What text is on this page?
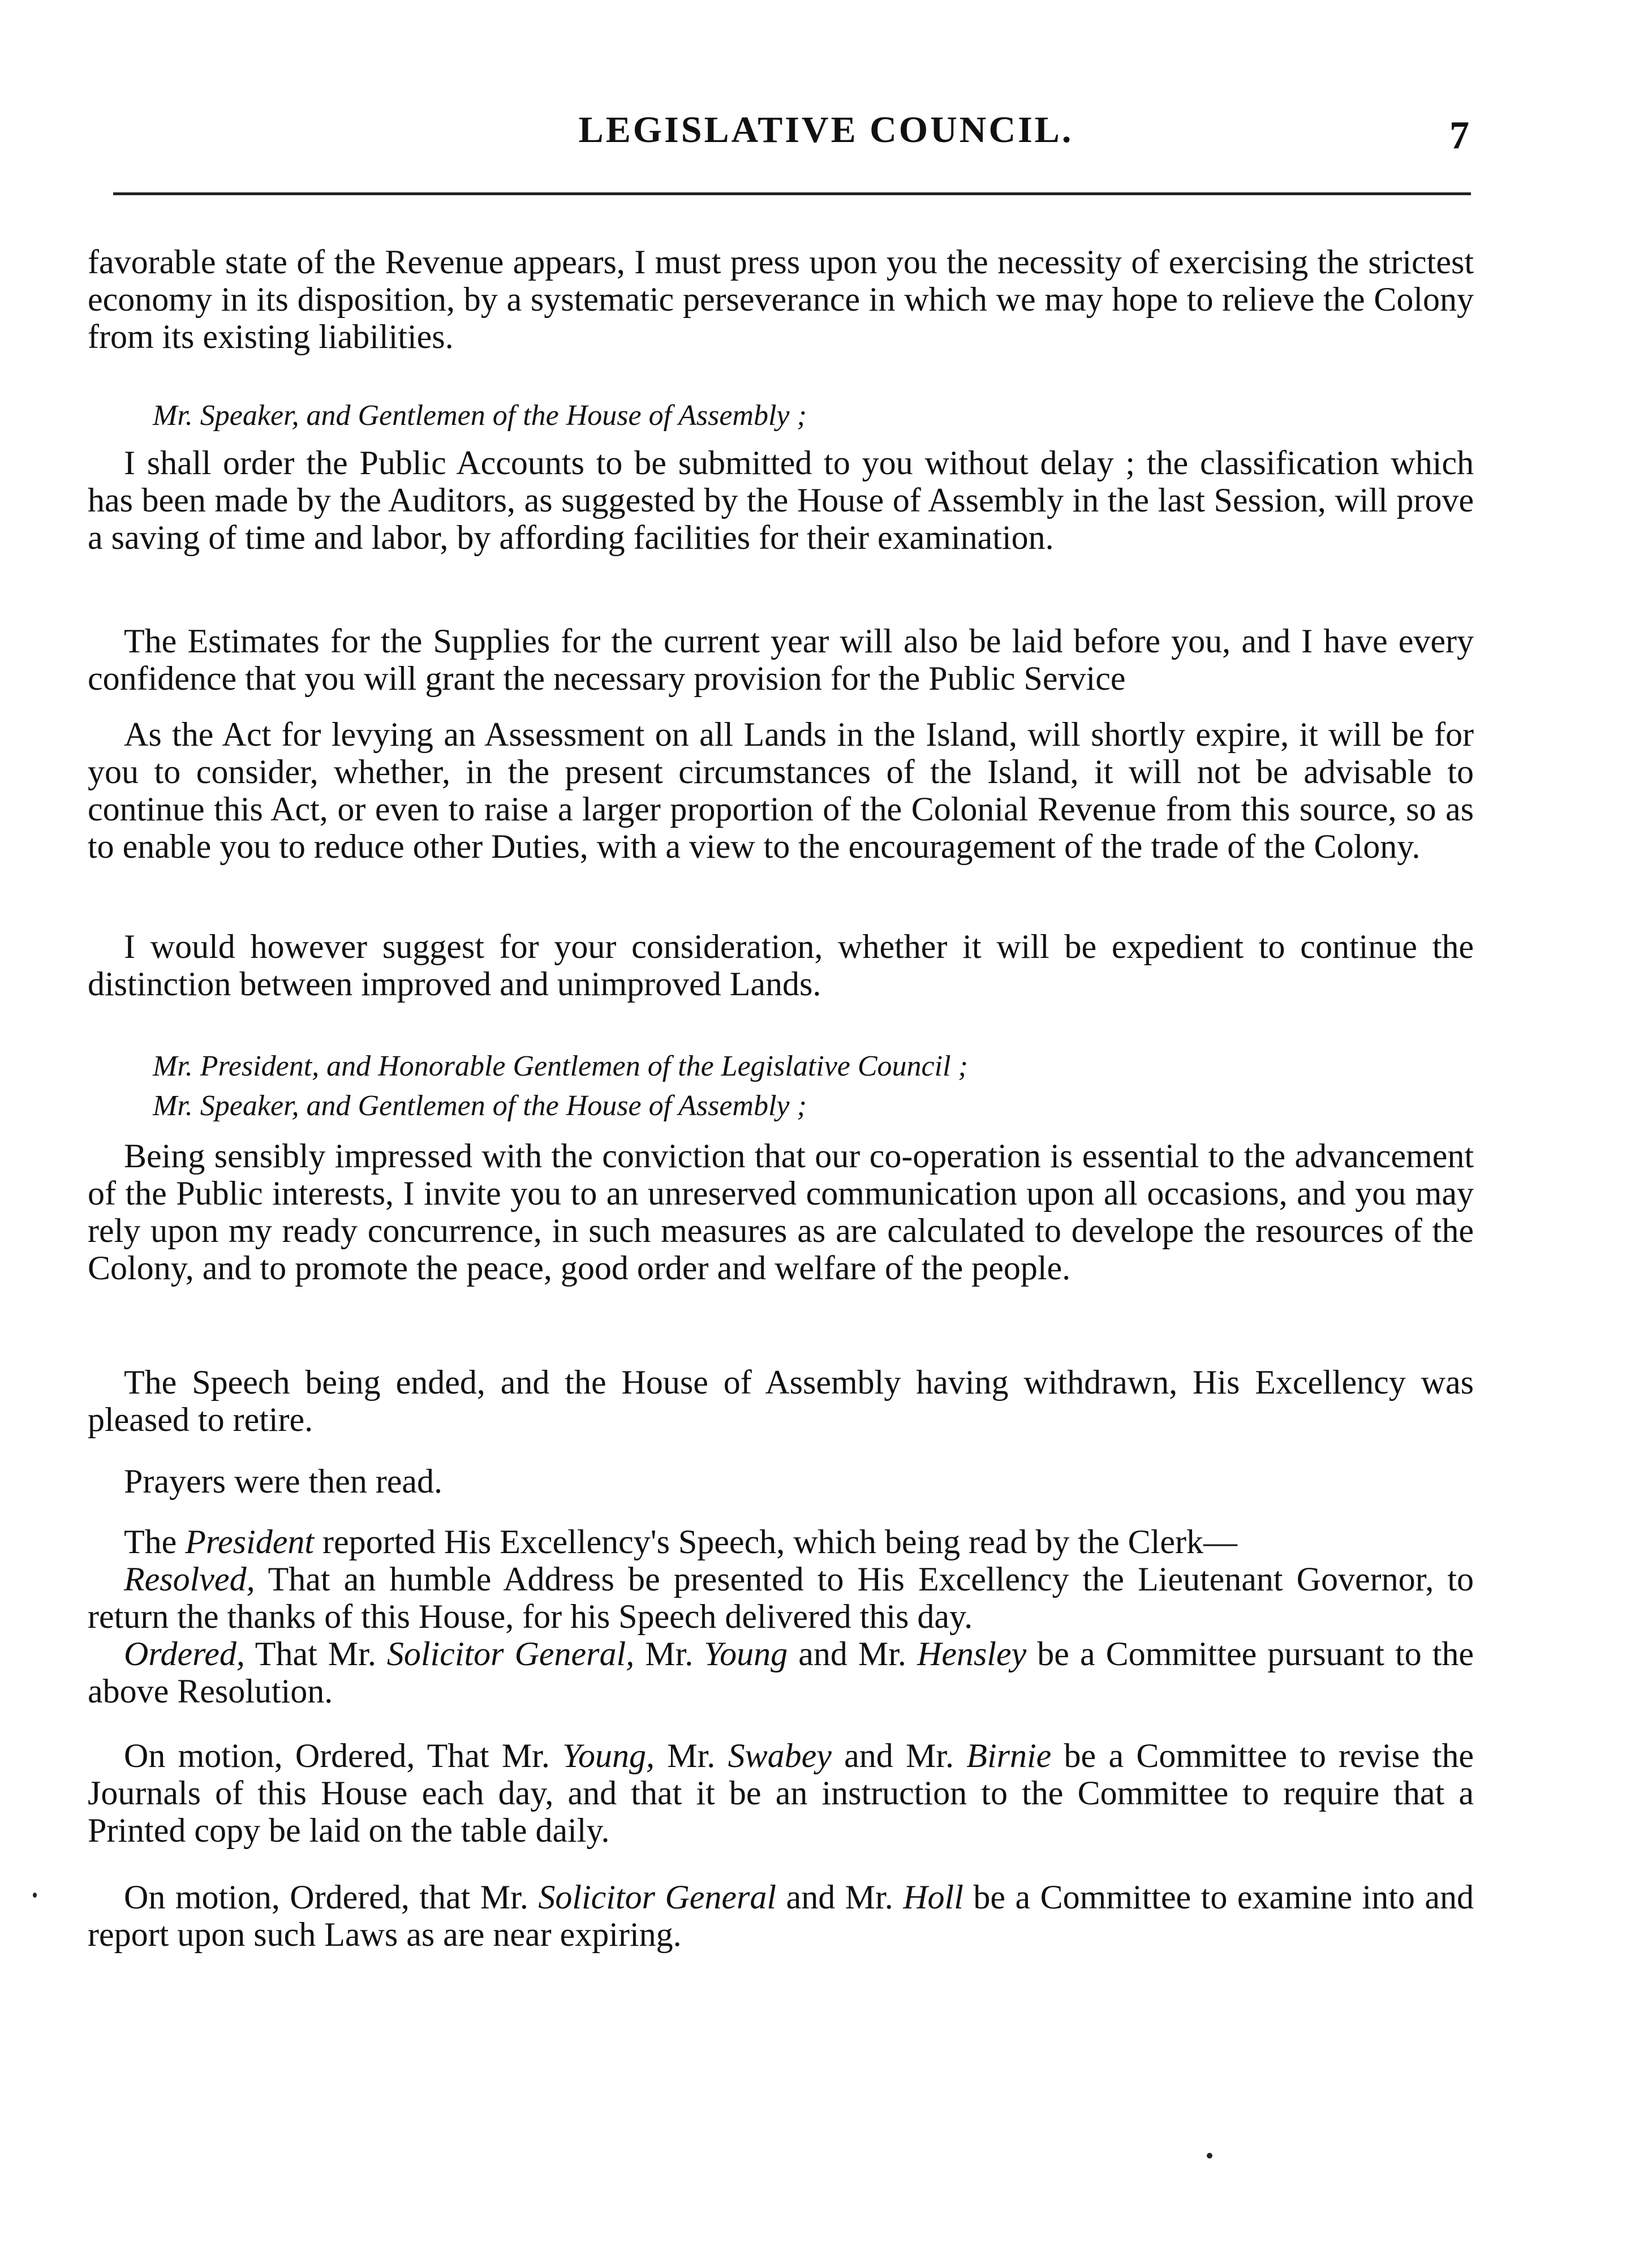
LEGISLATIVE COUNCIL.	7

favorable state of the Revenue appears, I must press upon you the necessity of exercising the strictest economy in its disposition, by a systematic perseverance in which we may hope to relieve the Colony from its existing liabilities.

Mr. Speaker, and Gentlemen of the House of Assembly ;

I shall order the Public Accounts to be submitted to you without delay ; the classification which has been made by the Auditors, as suggested by the House of Assembly in the last Session, will prove a saving of time and labor, by affording facilities for their examination.

The Estimates for the Supplies for the current year will also be laid before you, and I have every confidence that you will grant the necessary provision for the Public Service

As the Act for levying an Assessment on all Lands in the Island, will shortly expire, it will be for you to consider, whether, in the present circumstances of the Island, it will not be advisable to continue this Act, or even to raise a larger proportion of the Colonial Revenue from this source, so as to enable you to reduce other Duties, with a view to the encouragement of the trade of the Colony.

I would however suggest for your consideration, whether it will be expedient to continue the distinction between improved and unimproved Lands.

Mr. President, and Honorable Gentlemen of the Legislative Council ;

Mr. Speaker, and Gentlemen of the House of Assembly ;

Being sensibly impressed with the conviction that our co-operation is essential to the advancement of the Public interests, I invite you to an unreserved communication upon all occasions, and you may rely upon my ready concurrence, in such measures as are calculated to develope the resources of the Colony, and to promote the peace, good order and welfare of the people.

The Speech being ended, and the House of Assembly having withdrawn, His Excellency was pleased to retire.

Prayers were then read.

The President reported His Excellency's Speech, which being read by the Clerk—

Resolved, That an humble Address be presented to His Excellency the Lieutenant Governor, to return the thanks of this House, for his Speech delivered this day.

Ordered, That Mr. Solicitor General, Mr. Young and Mr. Hensley be a Committee pursuant to the above Resolution.

On motion, Ordered, That Mr. Young, Mr. Swabey and Mr. Birnie be a Committee to revise the Journals of this House each day, and that it be an instruction to the Committee to require that a Printed copy be laid on the table daily.

On motion, Ordered, that Mr. Solicitor General and Mr. Holl be a Committee to examine into and report upon such Laws as are near expiring.
